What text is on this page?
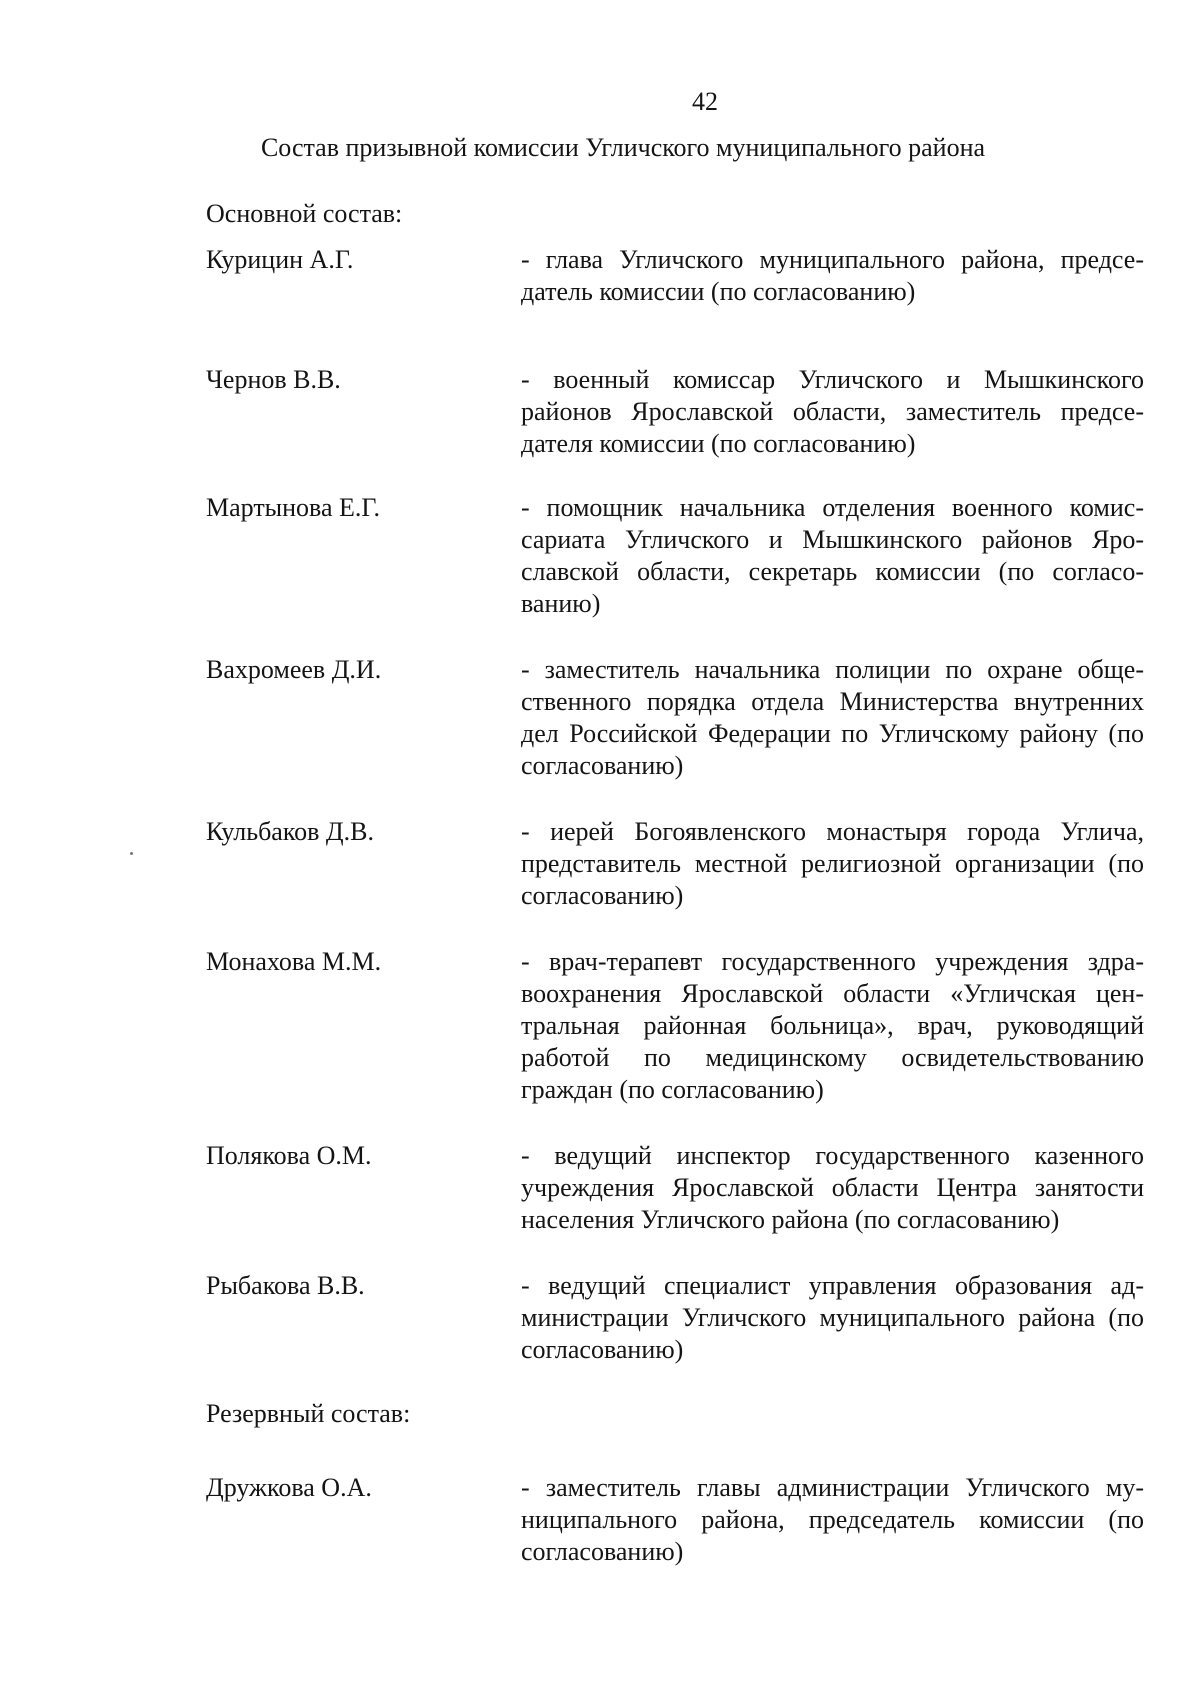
42
Состав призывной комиссии Угличского муниципального района
Основной состав:
Курицин А.Г.	- глава Угличского муниципального района, председатель комиссии (по согласованию)
Чернов В.В.	- военный комиссар Угличского и Мышкинского районов Ярославской области, заместитель председателя комиссии (по согласованию)
Мартынова Е.Г.	- помощник начальника отделения военного комиссариата Угличского и Мышкинского районов Ярославской области, секретарь комиссии (по согласованию)
Вахромеев Д.И.	- заместитель начальника полиции по охране общественного порядка отдела Министерства внутренних дел Российской Федерации по Угличскому району (по согласованию)
Кульбаков Д.В.	- иерей Богоявленского монастыря города Углича, представитель местной религиозной организации (по согласованию)
Монахова М.М.	- врач-терапевт государственного учреждения здравоохранения Ярославской области «Угличская центральная районная больница», врач, руководящий работой по медицинскому освидетельствованию граждан (по согласованию)
Полякова О.М.	- ведущий инспектор государственного казенного учреждения Ярославской области Центра занятости населения Угличского района (по согласованию)
Рыбакова В.В.	- ведущий специалист управления образования администрации Угличского муниципального района (по согласованию)
Резервный состав:
Дружкова О.А.	- заместитель главы администрации Угличского муниципального района, председатель комиссии (по согласованию)
